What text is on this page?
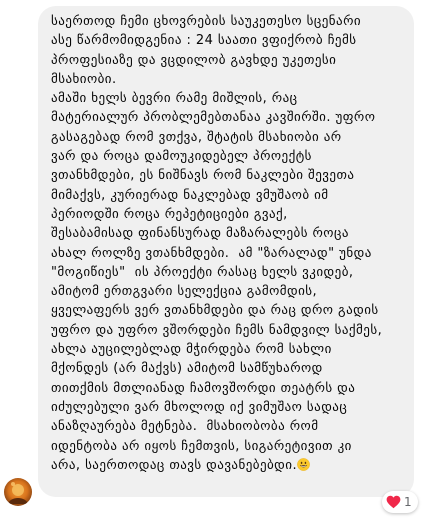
საერთოდ ჩემი ცხოვრების საუკეთესო სცენარი
ასე წარმომიდგენია : 24 საათი ვფიქრობ ჩემს
პროფესიაზე და ვცდილობ გავხდე უკეთესი
მსახიობი.
ამაში ხელს ბევრი რამე მიშლის, რაც
მატერიალურ პრობლემებთანაა კავშირში. უფრო
გასაგებად რომ ვთქვა, შტატის მსახიობი არ
ვარ და როცა დამოუკიდებელ პროექტს
ვთანხმდები, ეს ნიშნავს რომ ნაკლები შევეთა
მიმაქვს, კურიერად ნაკლებად ვმუშაობ იმ
პერიოდში როცა რეპეტიციები გვაქ,
შესაბამისად ფინანსურად მაზარალებს როცა
ახალ როლზე ვთანხმდები.  ამ "ზარალად" უნდა
"მოგიწიეს"  ის პროექტი რასაც ხელს ვკიდებ,
ამიტომ ერთგვარი სელექცია გამომდის,
ყველაფერს ვერ ვთანხმდები და რაც დრო გადის
უფრო და უფრო ვშორდები ჩემს ნამდვილ საქმეს,
ახლა აუცილებლად მჭირდება რომ სახლი
მქონდეს (არ მაქვს) ამიტომ სამწუხაროდ
თითქმის მთლიანად ჩამოვშორდი თეატრს და
იძულებული ვარ მხოლოდ იქ ვიმუშაო სადაც
ანაზღაურება მეტნება.  მსახიობობა რომ
იდენტობა არ იყოს ჩემთვის, სიგარეტივით კი
არა, საერთოდაც თავს დავანებებდი.

1
